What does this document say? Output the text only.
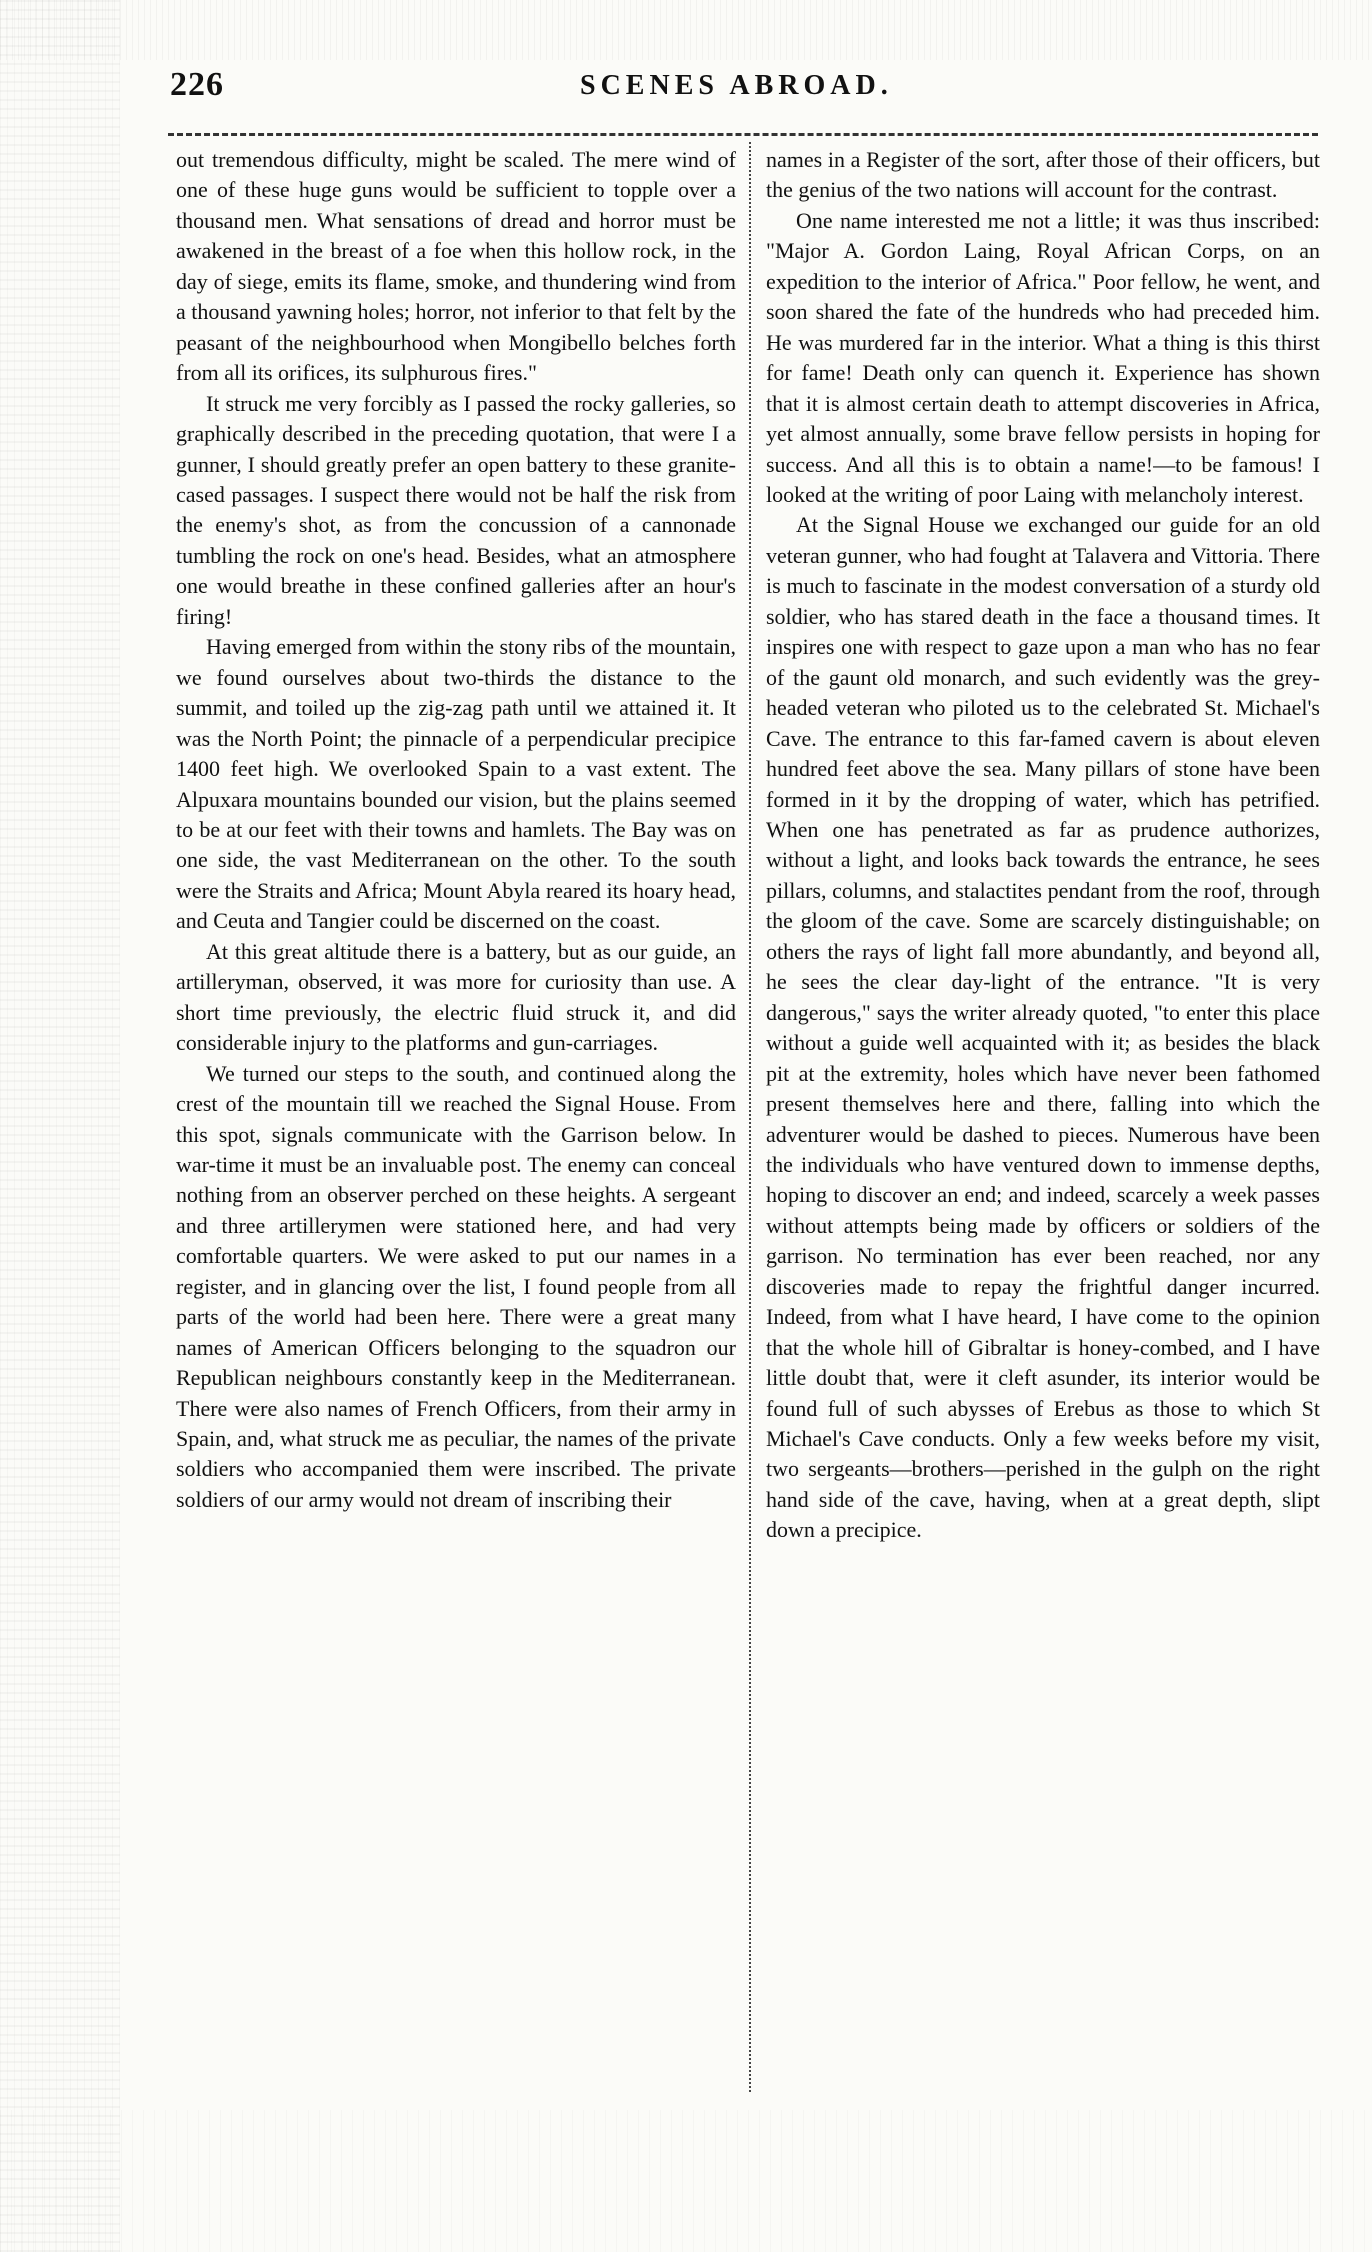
226	SCENES ABROAD.

out tremendous difficulty, might be scaled. The mere wind of one of these huge guns would be sufficient to topple over a thousand men. What sensations of dread and horror must be awakened in the breast of a foe when this hollow rock, in the day of siege, emits its flame, smoke, and thundering wind from a thousand yawning holes; horror, not inferior to that felt by the peasant of the neighbourhood when Mongibello belches forth from all its orifices, its sulphurous fires."

It struck me very forcibly as I passed the rocky galleries, so graphically described in the preceding quotation, that were I a gunner, I should greatly prefer an open battery to these granite-cased passages. I suspect there would not be half the risk from the enemy's shot, as from the concussion of a cannonade tumbling the rock on one's head. Besides, what an atmosphere one would breathe in these confined galleries after an hour's firing!

Having emerged from within the stony ribs of the mountain, we found ourselves about two-thirds the distance to the summit, and toiled up the zig-zag path until we attained it. It was the North Point; the pinnacle of a perpendicular precipice 1400 feet high. We overlooked Spain to a vast extent. The Alpuxara mountains bounded our vision, but the plains seemed to be at our feet with their towns and hamlets. The Bay was on one side, the vast Mediterranean on the other. To the south were the Straits and Africa; Mount Abyla reared its hoary head, and Ceuta and Tangier could be discerned on the coast.

At this great altitude there is a battery, but as our guide, an artilleryman, observed, it was more for curiosity than use. A short time previously, the electric fluid struck it, and did considerable injury to the platforms and gun-carriages.

We turned our steps to the south, and continued along the crest of the mountain till we reached the Signal House. From this spot, signals communicate with the Garrison below. In war-time it must be an invaluable post. The enemy can conceal nothing from an observer perched on these heights. A sergeant and three artillerymen were stationed here, and had very comfortable quarters. We were asked to put our names in a register, and in glancing over the list, I found people from all parts of the world had been here. There were a great many names of American Officers belonging to the squadron our Republican neighbours constantly keep in the Mediterranean. There were also names of French Officers, from their army in Spain, and, what struck me as peculiar, the names of the private soldiers who accompanied them were inscribed. The private soldiers of our army would not dream of inscribing their

names in a Register of the sort, after those of their officers, but the genius of the two nations will account for the contrast.

One name interested me not a little; it was thus inscribed: "Major A. Gordon Laing, Royal African Corps, on an expedition to the interior of Africa." Poor fellow, he went, and soon shared the fate of the hundreds who had preceded him. He was murdered far in the interior. What a thing is this thirst for fame! Death only can quench it. Experience has shown that it is almost certain death to attempt discoveries in Africa, yet almost annually, some brave fellow persists in hoping for success. And all this is to obtain a name!—to be famous! I looked at the writing of poor Laing with melancholy interest.

At the Signal House we exchanged our guide for an old veteran gunner, who had fought at Talavera and Vittoria. There is much to fascinate in the modest conversation of a sturdy old soldier, who has stared death in the face a thousand times. It inspires one with respect to gaze upon a man who has no fear of the gaunt old monarch, and such evidently was the grey-headed veteran who piloted us to the celebrated St. Michael's Cave. The entrance to this far-famed cavern is about eleven hundred feet above the sea. Many pillars of stone have been formed in it by the dropping of water, which has petrified. When one has penetrated as far as prudence authorizes, without a light, and looks back towards the entrance, he sees pillars, columns, and stalactites pendant from the roof, through the gloom of the cave. Some are scarcely distinguishable; on others the rays of light fall more abundantly, and beyond all, he sees the clear day-light of the entrance. "It is very dangerous," says the writer already quoted, "to enter this place without a guide well acquainted with it; as besides the black pit at the extremity, holes which have never been fathomed present themselves here and there, falling into which the adventurer would be dashed to pieces. Numerous have been the individuals who have ventured down to immense depths, hoping to discover an end; and indeed, scarcely a week passes without attempts being made by officers or soldiers of the garrison. No termination has ever been reached, nor any discoveries made to repay the frightful danger incurred. Indeed, from what I have heard, I have come to the opinion that the whole hill of Gibraltar is honey-combed, and I have little doubt that, were it cleft asunder, its interior would be found full of such abysses of Erebus as those to which St Michael's Cave conducts. Only a few weeks before my visit, two sergeants—brothers—perished in the gulph on the right hand side of the cave, having, when at a great depth, slipt down a precipice.
